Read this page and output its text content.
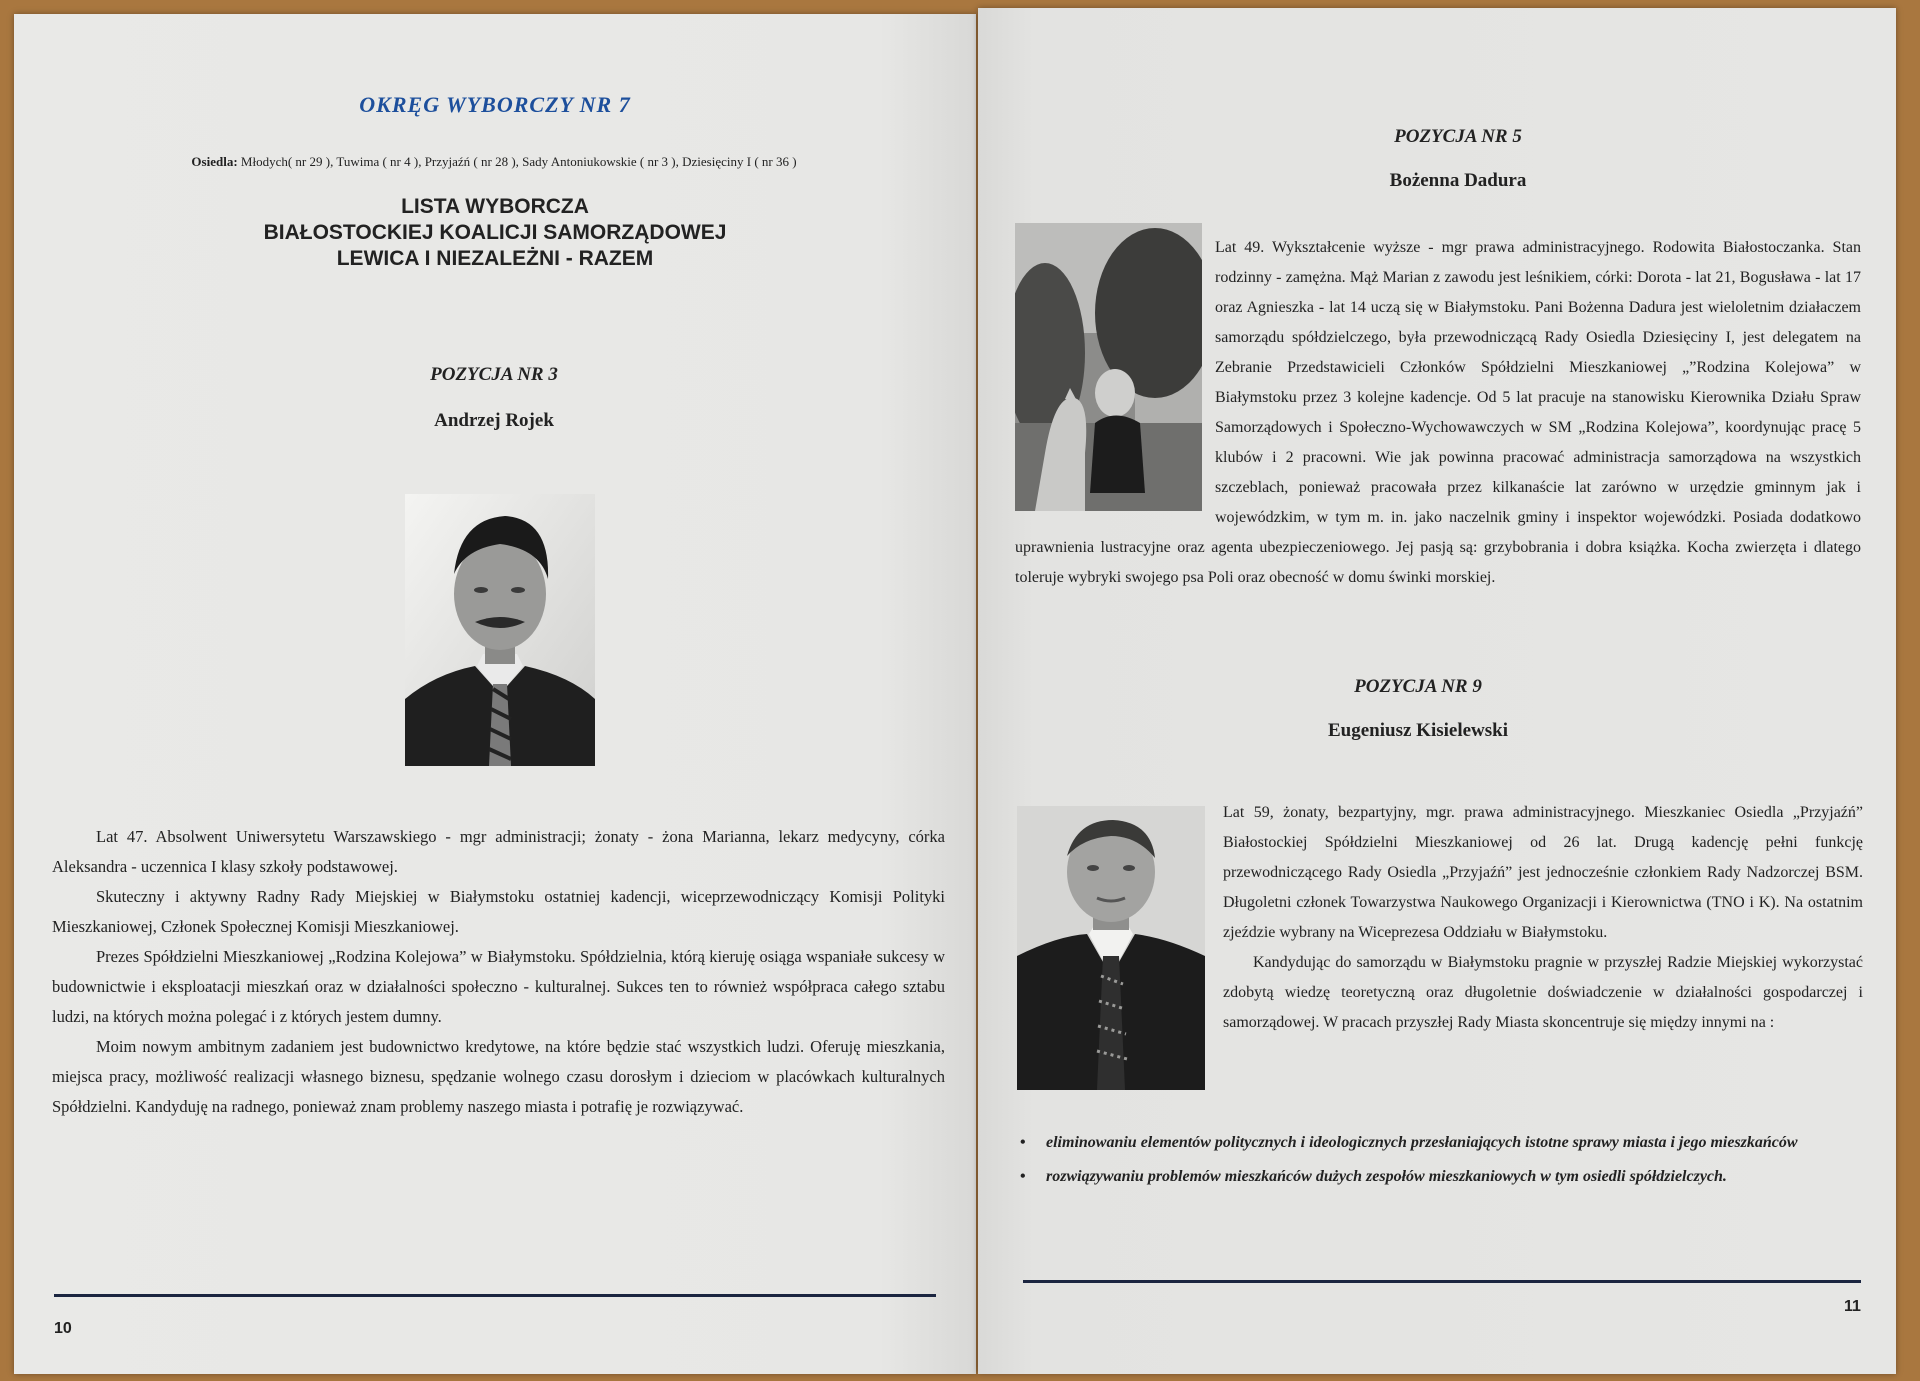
OKRĘG WYBORCZY NR 7
Osiedla: Młodych( nr 29 ), Tuwima ( nr 4 ), Przyjaźń ( nr 28 ), Sady Antoniukowskie ( nr 3 ), Dziesięciny I ( nr 36 )
LISTA WYBORCZA
BIAŁOSTOCKIEJ KOALICJI SAMORZĄDOWEJ
LEWICA I NIEZALEŻNI - RAZEM
POZYCJA NR 3
Andrzej Rojek

Lat 47. Absolwent Uniwersytetu Warszawskiego - mgr administracji; żonaty - żona Marianna, lekarz medycyny, córka Aleksandra - uczennica I klasy szkoły podstawowej.

Skuteczny i aktywny Radny Rady Miejskiej w Białymstoku ostatniej kadencji, wiceprzewodniczący Komisji Polityki Mieszkaniowej, Członek Społecznej Komisji Mieszkaniowej.

Prezes Spółdzielni Mieszkaniowej „Rodzina Kolejowa” w Białymstoku. Spółdzielnia, którą kieruję osiąga wspaniałe sukcesy w budownictwie i eksploatacji mieszkań oraz w działalności społeczno - kulturalnej. Sukces ten to również współpraca całego sztabu ludzi, na których można polegać i z których jestem dumny.

Moim nowym ambitnym zadaniem jest budownictwo kredytowe, na które będzie stać wszystkich ludzi. Oferuję mieszkania, miejsca pracy, możliwość realizacji własnego biznesu, spędzanie wolnego czasu dorosłym i dzieciom w placówkach kulturalnych Spółdzielni. Kandyduję na radnego, ponieważ znam problemy naszego miasta i potrafię je rozwiązywać.

10
POZYCJA NR 5
Bożenna Dadura

Lat 49. Wykształcenie wyższe - mgr prawa administracyjnego. Rodowita Białostoczanka. Stan rodzinny - zamężna. Mąż Marian z zawodu jest leśnikiem, córki: Dorota - lat 21, Bogusława - lat 17 oraz Agnieszka - lat 14 uczą się w Białymstoku. Pani Bożenna Dadura jest wieloletnim działaczem samorządu spółdzielczego, była przewodniczącą Rady Osiedla Dziesięciny I, jest delegatem na Zebranie Przedstawicieli Członków Spółdzielni Mieszkaniowej „”Rodzina Kolejowa” w Białymstoku przez 3 kolejne kadencje. Od 5 lat pracuje na stanowisku Kierownika Działu Spraw Samorządowych i Społeczno-Wychowawczych w SM „Rodzina Kolejowa”, koordynując pracę 5 klubów i 2 pracowni. Wie jak powinna pracować administracja samorządowa na wszystkich szczeblach, ponieważ pracowała przez kilkanaście lat zarówno w urzędzie gminnym jak i wojewódzkim, w tym m. in. jako naczelnik gminy i inspektor wojewódzki. Posiada dodatkowo uprawnienia lustracyjne oraz agenta ubezpieczeniowego. Jej pasją są: grzybobrania i dobra książka. Kocha zwierzęta i dlatego toleruje wybryki swojego psa Poli oraz obecność w domu świnki morskiej.

POZYCJA NR 9
Eugeniusz Kisielewski

Lat 59, żonaty, bezpartyjny, mgr. prawa administracyjnego. Mieszkaniec Osiedla „Przyjaźń” Białostockiej Spółdzielni Mieszkaniowej od 26 lat. Drugą kadencję pełni funkcję przewodniczącego Rady Osiedla „Przyjaźń” jest jednocześnie członkiem Rady Nadzorczej BSM. Długoletni członek Towarzystwa Naukowego Organizacji i Kierownictwa (TNO i K). Na ostatnim zjeździe wybrany na Wiceprezesa Oddziału w Białymstoku.

Kandydując do samorządu w Białymstoku pragnie w przyszłej Radzie Miejskiej wykorzystać zdobytą wiedzę teoretyczną oraz długoletnie doświadczenie w działalności gospodarczej i samorządowej. W pracach przyszłej Rady Miasta skoncentruje się między innymi na :

• eliminowaniu elementów politycznych i ideologicznych przesłaniających istotne sprawy miasta i jego mieszkańców
• rozwiązywaniu problemów mieszkańców dużych zespołów mieszkaniowych w tym osiedli spółdzielczych.
11
